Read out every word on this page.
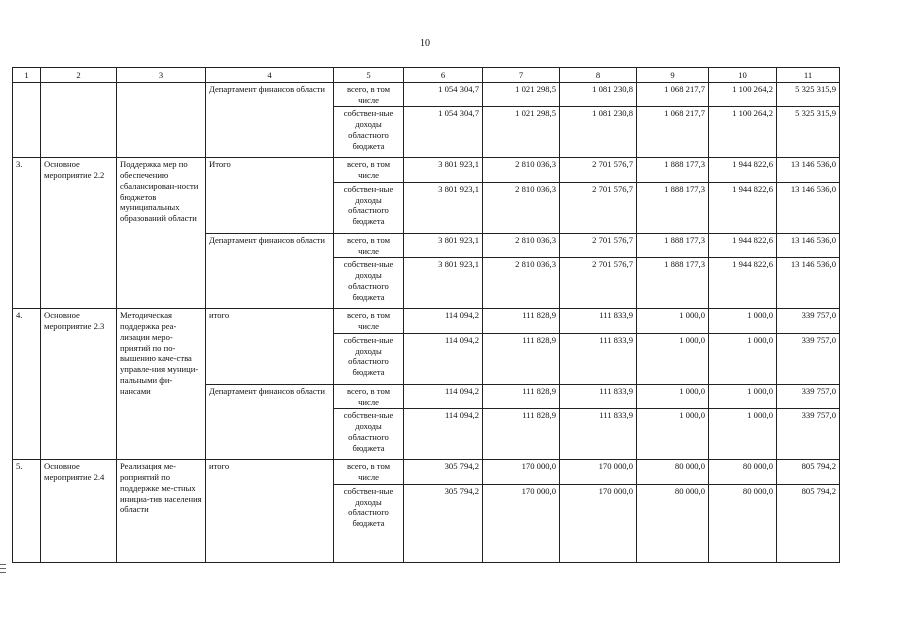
10
1	2	3	4	5	6	7	8	9	10	11
			Департамент финансов области	всего, в том числе	1 054 304,7	1 021 298,5	1 081 230,8	1 068 217,7	1 100 264,2	5 325 315,9
				собствен-ные доходы областного бюджета	1 054 304,7	1 021 298,5	1 081 230,8	1 068 217,7	1 100 264,2	5 325 315,9
3.	Основное мероприятие 2.2	Поддержка мер по обеспечению сбалансирован-ности бюджетов муниципальных образований области	Итого	всего, в том числе	3 801 923,1	2 810 036,3	2 701 576,7	1 888 177,3	1 944 822,6	13 146 536,0
				собствен-ные доходы областного бюджета	3 801 923,1	2 810 036,3	2 701 576,7	1 888 177,3	1 944 822,6	13 146 536,0
			Департамент финансов области	всего, в том числе	3 801 923,1	2 810 036,3	2 701 576,7	1 888 177,3	1 944 822,6	13 146 536,0
				собствен-ные доходы областного бюджета	3 801 923,1	2 810 036,3	2 701 576,7	1 888 177,3	1 944 822,6	13 146 536,0
4.	Основное мероприятие 2.3	Методическая поддержка реа-лизации меро-приятий по по-вышению каче-ства управле-ния муници-пальными фи-нансами	итого	всего, в том числе	114 094,2	111 828,9	111 833,9	1 000,0	1 000,0	339 757,0
				собствен-ные доходы областного бюджета	114 094,2	111 828,9	111 833,9	1 000,0	1 000,0	339 757,0
			Департамент финансов области	всего, в том числе	114 094,2	111 828,9	111 833,9	1 000,0	1 000,0	339 757,0
				собствен-ные доходы областного бюджета	114 094,2	111 828,9	111 833,9	1 000,0	1 000,0	339 757,0
5.	Основное мероприятие 2.4	Реализация ме-роприятий по поддержке ме-стных инициа-тив населения области	итого	всего, в том числе	305 794,2	170 000,0	170 000,0	80 000,0	80 000,0	805 794,2
				собствен-ные доходы областного бюджета	305 794,2	170 000,0	170 000,0	80 000,0	80 000,0	805 794,2
